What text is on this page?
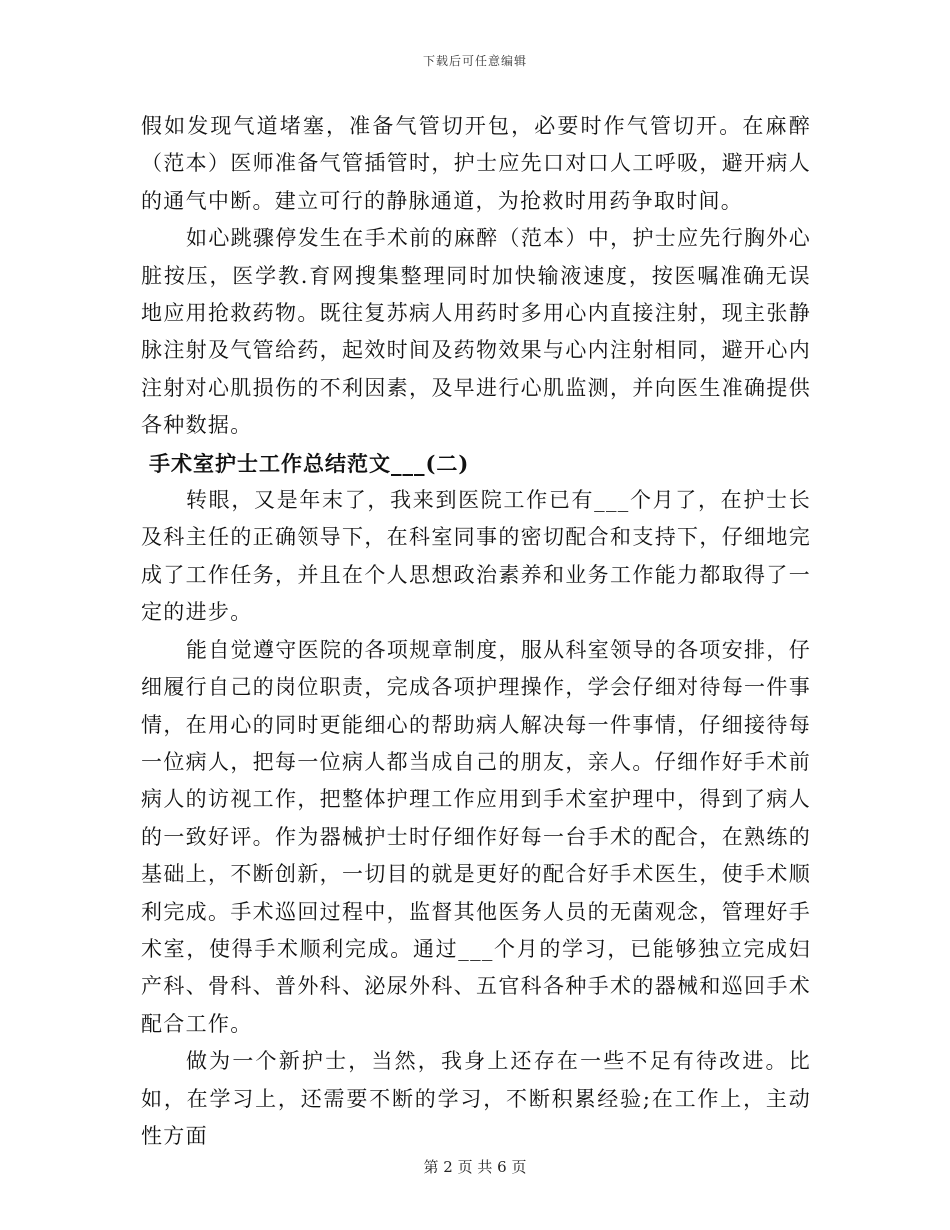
下载后可任意编辑

假如发现气道堵塞，准备气管切开包，必要时作气管切开。在麻醉（范本）医师准备气管插管时，护士应先口对口人工呼吸，避开病人的通气中断。建立可行的静脉通道，为抢救时用药争取时间。

如心跳骤停发生在手术前的麻醉（范本）中，护士应先行胸外心脏按压，医学教.育网搜集整理同时加快输液速度，按医嘱准确无误地应用抢救药物。既往复苏病人用药时多用心内直接注射，现主张静脉注射及气管给药，起效时间及药物效果与心内注射相同，避开心内注射对心肌损伤的不利因素，及早进行心肌监测，并向医生准确提供各种数据。

手术室护士工作总结范文___(二)

转眼，又是年末了，我来到医院工作已有___个月了，在护士长及科主任的正确领导下，在科室同事的密切配合和支持下，仔细地完成了工作任务，并且在个人思想政治素养和业务工作能力都取得了一定的进步。

能自觉遵守医院的各项规章制度，服从科室领导的各项安排，仔细履行自己的岗位职责，完成各项护理操作，学会仔细对待每一件事情，在用心的同时更能细心的帮助病人解决每一件事情，仔细接待每一位病人，把每一位病人都当成自己的朋友，亲人。仔细作好手术前病人的访视工作，把整体护理工作应用到手术室护理中，得到了病人的一致好评。作为器械护士时仔细作好每一台手术的配合，在熟练的基础上，不断创新，一切目的就是更好的配合好手术医生，使手术顺利完成。手术巡回过程中，监督其他医务人员的无菌观念，管理好手术室，使得手术顺利完成。通过___个月的学习，已能够独立完成妇产科、骨科、普外科、泌尿外科、五官科各种手术的器械和巡回手术配合工作。

做为一个新护士，当然，我身上还存在一些不足有待改进。比如，在学习上，还需要不断的学习，不断积累经验;在工作上，主动性方面

第 2 页 共 6 页
